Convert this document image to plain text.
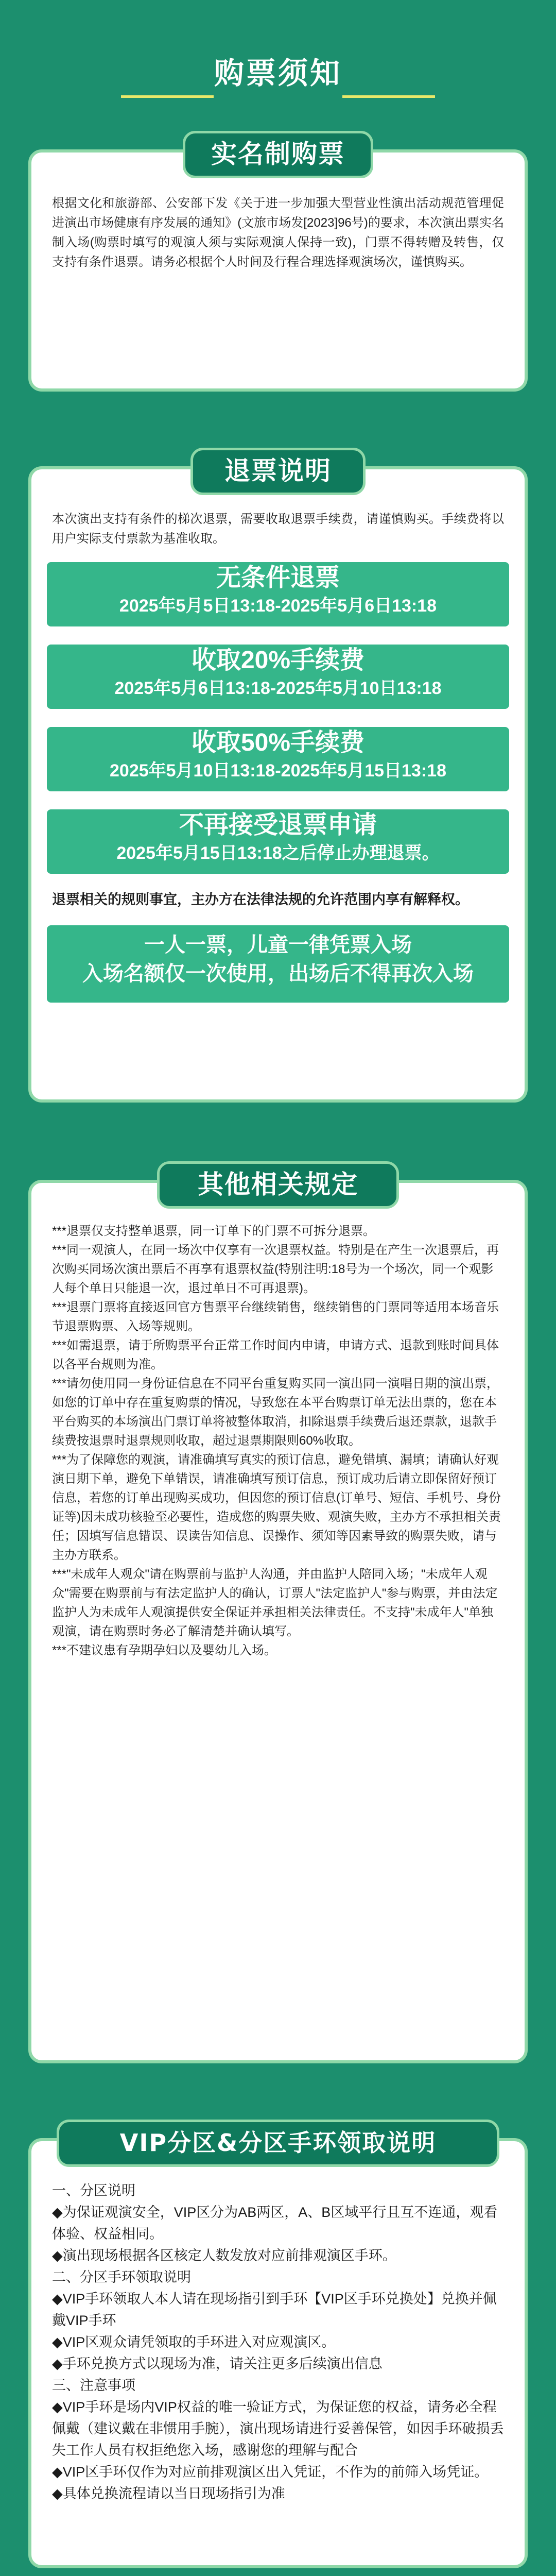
购票须知
实名制购票
根据文化和旅游部、公安部下发《关于进一步加强大型营业性演出活动规范管理促进演出市场健康有序发展的通知》(文旅市场发[2023]96号)的要求，本次演出票实名制入场(购票时填写的观演人须与实际观演人保持一致)，门票不得转赠及转售，仅支持有条件退票。请务必根据个人时间及行程合理选择观演场次，谨慎购买。
退票说明
本次演出支持有条件的梯次退票，需要收取退票手续费，请谨慎购买。手续费将以用户实际支付票款为基准收取。
无条件退票
2025年5月5日13:18-2025年5月6日13:18
收取20%手续费
2025年5月6日13:18-2025年5月10日13:18
收取50%手续费
2025年5月10日13:18-2025年5月15日13:18
不再接受退票申请
2025年5月15日13:18之后停止办理退票。
退票相关的规则事宜，主办方在法律法规的允许范围内享有解释权。
一人一票，儿童一律凭票入场
入场名额仅一次使用，出场后不得再次入场
其他相关规定

***退票仅支持整单退票，同一订单下的门票不可拆分退票。

***同一观演人，在同一场次中仅享有一次退票权益。特别是在产生一次退票后，再次购买同场次演出票后不再享有退票权益(特别注明:18号为一个场次，同一个观影人每个单日只能退一次，退过单日不可再退票)。

***退票门票将直接返回官方售票平台继续销售，继续销售的门票同等适用本场音乐节退票购票、入场等规则。

***如需退票，请于所购票平台正常工作时间内申请，申请方式、退款到账时间具体以各平台规则为准。

***请勿使用同一身份证信息在不同平台重复购买同一演出同一演唱日期的演出票，如您的订单中存在重复购票的情况，导致您在本平台购票订单无法出票的，您在本平台购买的本场演出门票订单将被整体取消，扣除退票手续费后退还票款，退款手续费按退票时退票规则收取，超过退票期限则60%收取。

***为了保障您的观演，请准确填写真实的预订信息，避免错填、漏填；请确认好观演日期下单，避免下单错误，请准确填写预订信息，预订成功后请立即保留好预订信息，若您的订单出现购买成功，但因您的预订信息(订单号、短信、手机号、身份证等)因未成功核验至必要性，造成您的购票失败、观演失败，主办方不承担相关责任；因填写信息错误、误读告知信息、误操作、须知等因素导致的购票失败，请与主办方联系。

***"未成年人观众"请在购票前与监护人沟通，并由监护人陪同入场；"未成年人观众"需要在购票前与有法定监护人的确认，订票人"法定监护人"参与购票，并由法定监护人为未成年人观演提供安全保证并承担相关法律责任。不支持"未成年人"单独观演，请在购票时务必了解清楚并确认填写。

***不建议患有孕期孕妇以及婴幼儿入场。

VIP分区&分区手环领取说明

一、分区说明

◆为保证观演安全，VIP区分为AB两区，A、B区域平行且互不连通，观看体验、权益相同。

◆演出现场根据各区核定人数发放对应前排观演区手环。

二、分区手环领取说明

◆VIP手环领取人本人请在现场指引到手环【VIP区手环兑换处】兑换并佩戴VIP手环

◆VIP区观众请凭领取的手环进入对应观演区。

◆手环兑换方式以现场为准，请关注更多后续演出信息

三、注意事项

◆VIP手环是场内VIP权益的唯一验证方式，为保证您的权益，请务必全程佩戴（建议戴在非惯用手腕），演出现场请进行妥善保管，如因手环破损丢失工作人员有权拒绝您入场，感谢您的理解与配合

◆VIP区手环仅作为对应前排观演区出入凭证，不作为的前筛入场凭证。

◆具体兑换流程请以当日现场指引为准
